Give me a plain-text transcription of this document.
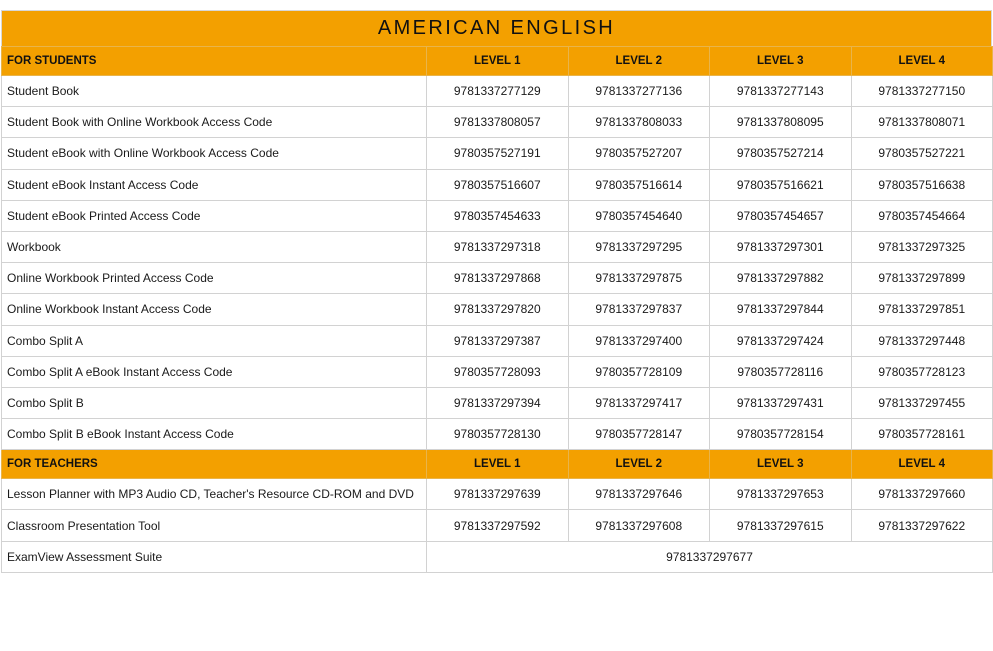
AMERICAN ENGLISH
FOR STUDENTS	LEVEL 1	LEVEL 2	LEVEL 3	LEVEL 4
Student Book	9781337277129	9781337277136	9781337277143	9781337277150
Student Book with Online Workbook Access Code	9781337808057	9781337808033	9781337808095	9781337808071
Student eBook with Online Workbook Access Code	9780357527191	9780357527207	9780357527214	9780357527221
Student eBook Instant Access Code	9780357516607	9780357516614	9780357516621	9780357516638
Student eBook Printed Access Code	9780357454633	9780357454640	9780357454657	9780357454664
Workbook	9781337297318	9781337297295	9781337297301	9781337297325
Online Workbook Printed Access Code	9781337297868	9781337297875	9781337297882	9781337297899
Online Workbook Instant Access Code	9781337297820	9781337297837	9781337297844	9781337297851
Combo Split A	9781337297387	9781337297400	9781337297424	9781337297448
Combo Split A eBook Instant Access Code	9780357728093	9780357728109	9780357728116	9780357728123
Combo Split B	9781337297394	9781337297417	9781337297431	9781337297455
Combo Split B eBook Instant Access Code	9780357728130	9780357728147	9780357728154	9780357728161
FOR TEACHERS	LEVEL 1	LEVEL 2	LEVEL 3	LEVEL 4
Lesson Planner with MP3 Audio CD, Teacher's Resource CD-ROM and DVD	9781337297639	9781337297646	9781337297653	9781337297660
Classroom Presentation Tool	9781337297592	9781337297608	9781337297615	9781337297622
ExamView Assessment Suite	9781337297677			
